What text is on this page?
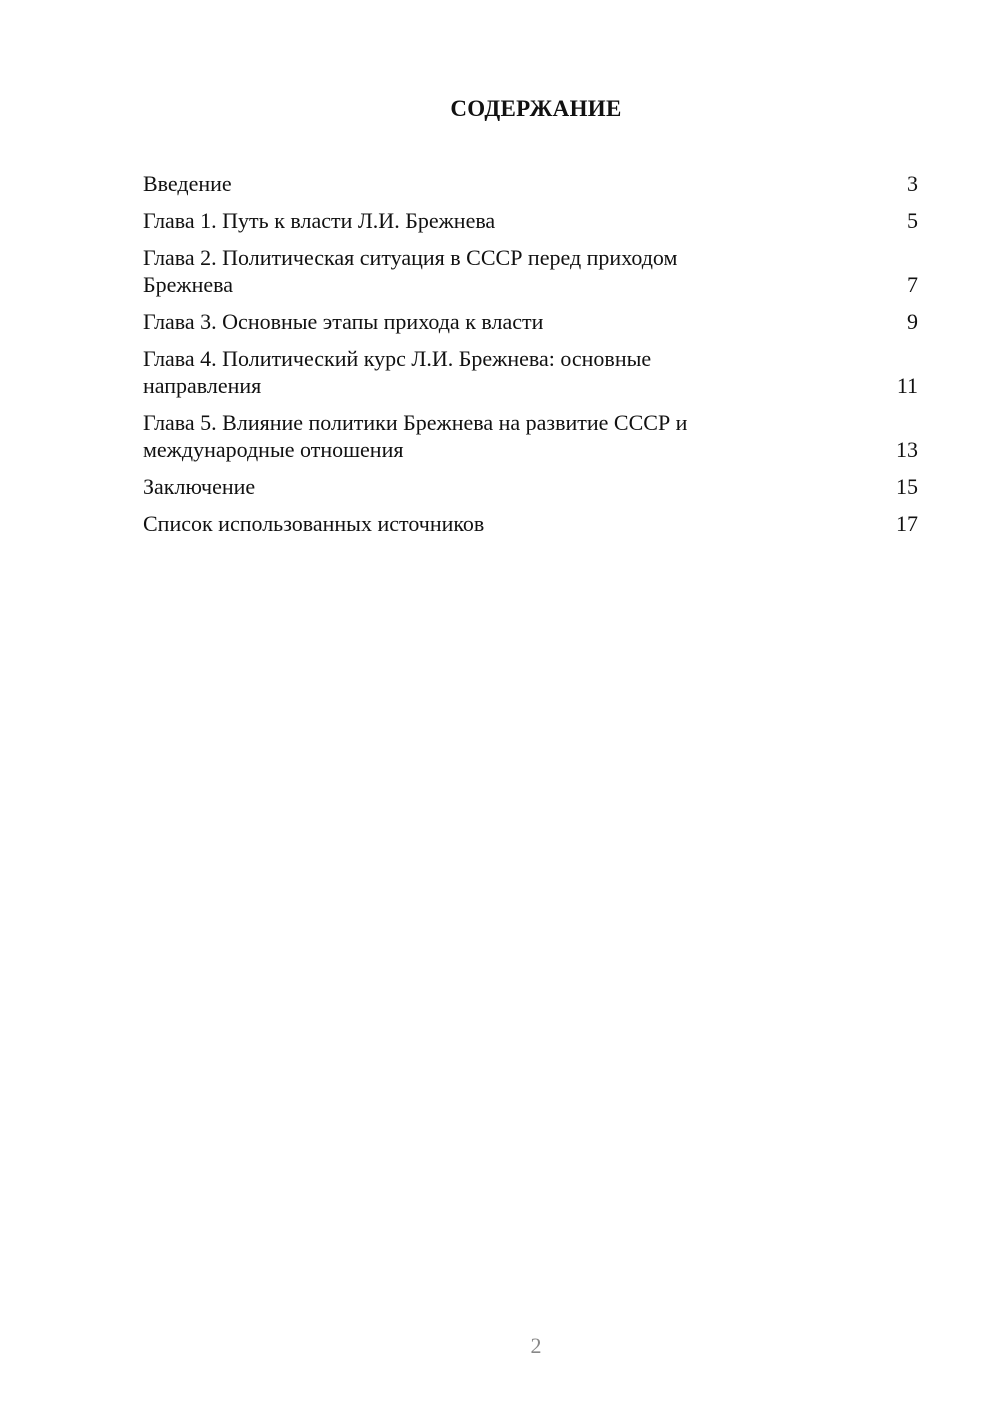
СОДЕРЖАНИЕ
Введение	3
Глава 1. Путь к власти Л.И. Брежнева	5
Глава 2. Политическая ситуация в СССР перед приходом
Брежнева	7
Глава 3. Основные этапы прихода к власти	9
Глава 4. Политический курс Л.И. Брежнева: основные
направления	11
Глава 5. Влияние политики Брежнева на развитие СССР и
международные отношения	13
Заключение	15
Список использованных источников	17
2
